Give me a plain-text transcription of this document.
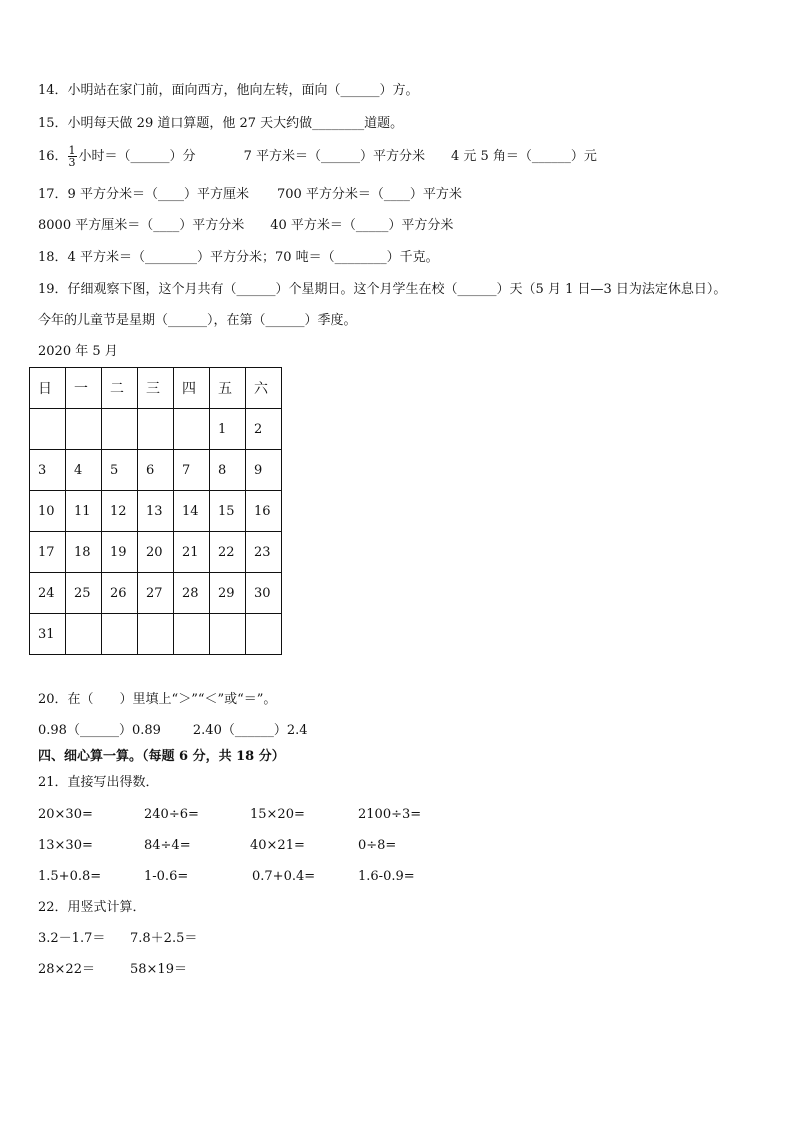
14．小明站在家门前，面向西方，他向左转，面向（______）方。
15．小明每天做 29 道口算题，他 27 天大约做________道题。
16． $\frac{1}{3}$ 小时＝（______）分	7 平方米＝（______）平方分米 4 元 5 角＝（______）元
17．9 平方分米＝（____）平方厘米 700 平方分米＝（____）平方米
8000 平方厘米＝（____）平方分米 40 平方米＝（_____）平方分米
18．4 平方米＝（________）平方分米；70 吨＝（________）千克。
19．仔细观察下图，这个月共有（______）个星期日。这个月学生在校（______）天（5 月 1 日—3 日为法定休息日）。
今年的儿童节是星期（______），在第（______）季度。
2020 年 5 月
日	一	二	三	四	五	六
					1	2
3	4	5	6	7	8	9
10	11	12	13	14	15	16
17	18	19	20	21	22	23
24	25	26	27	28	29	30
31						
20．在（　　）里填上“＞”“＜”或“＝”。
0.98（______）0.89 2.40（______）2.4
四、细心算一算。（每题 6 分，共 18 分）
21．直接写出得数．
20×30=	240÷6=	15×20=	2100÷3=
13×30=	84÷4=	40×21=	0÷8=
1.5+0.8=	1-0.6=	0.7+0.4=	1.6-0.9=
22．用竖式计算．
3.2－1.7＝ 7.8＋2.5＝
28×22＝	58×19＝
